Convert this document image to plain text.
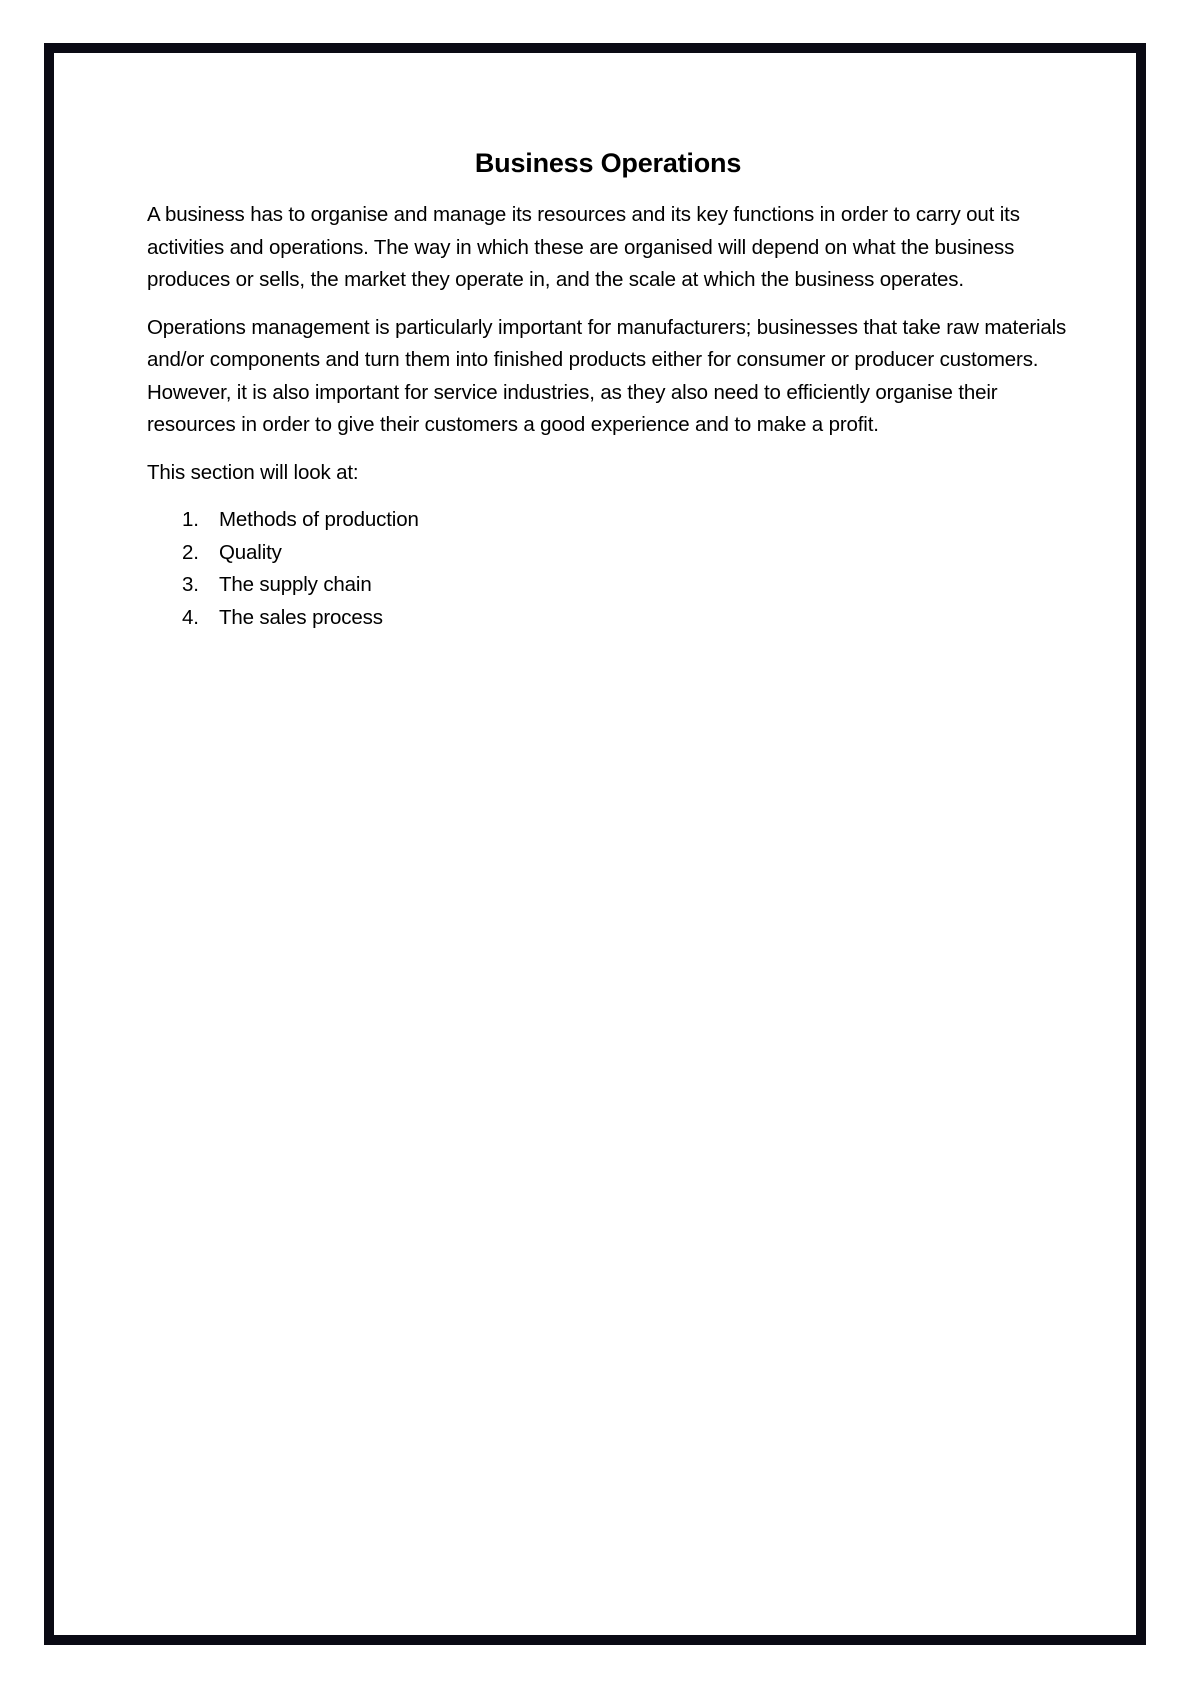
Business Operations

A business has to organise and manage its resources and its key functions in order to carry out its activities and operations. The way in which these are organised will depend on what the business produces or sells, the market they operate in, and the scale at which the business operates.

Operations management is particularly important for manufacturers; businesses that take raw materials and/or components and turn them into finished products either for consumer or producer customers. However, it is also important for service industries, as they also need to efficiently organise their resources in order to give their customers a good experience and to make a profit.

This section will look at:

1. Methods of production
2. Quality
3. The supply chain
4. The sales process
